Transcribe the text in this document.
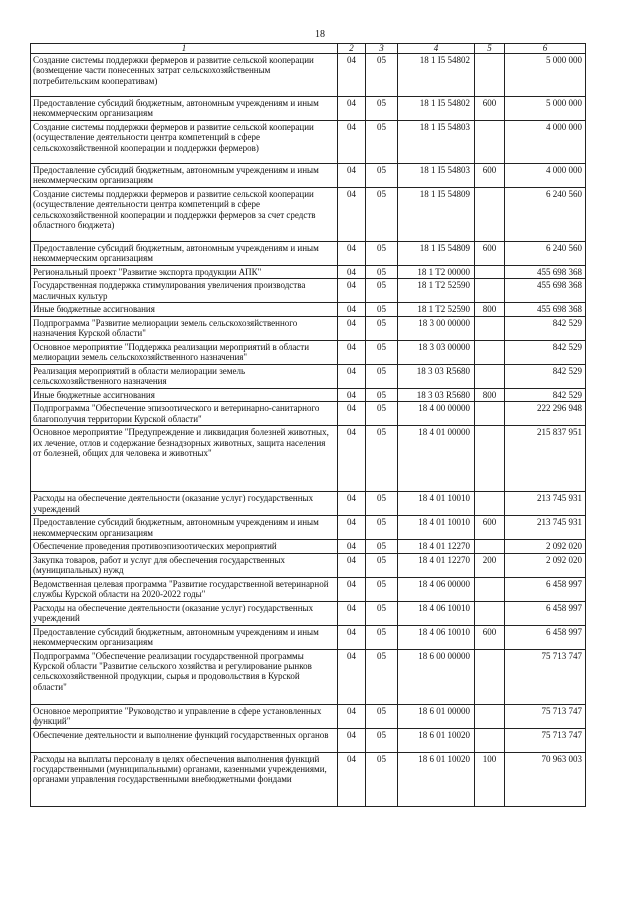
18
1	2	3	4	5	6
Создание системы поддержки фермеров и развитие сельской кооперации (возмещение части понесенных затрат сельскохозяйственным потребительским кооперативам)	04	05	18 1 I5 54802		5 000 000
Предоставление субсидий бюджетным, автономным учреждениям и иным некоммерческим организациям	04	05	18 1 I5 54802	600	5 000 000
Создание системы поддержки фермеров и развитие сельской кооперации (осуществление деятельности центра компетенций в сфере сельскохозяйственной кооперации и поддержки фермеров)	04	05	18 1 I5 54803		4 000 000
Предоставление субсидий бюджетным, автономным учреждениям и иным некоммерческим организациям	04	05	18 1 I5 54803	600	4 000 000
Создание системы поддержки фермеров и развитие сельской кооперации (осуществление деятельности центра компетенций в сфере сельскохозяйственной кооперации и поддержки фермеров за счет средств областного бюджета)	04	05	18 1 I5 54809		6 240 560
Предоставление субсидий бюджетным, автономным учреждениям и иным некоммерческим организациям	04	05	18 1 I5 54809	600	6 240 560
Региональный проект "Развитие экспорта продукции АПК"	04	05	18 1 T2 00000		455 698 368
Государственная поддержка стимулирования увеличения производства масличных культур	04	05	18 1 T2 52590		455 698 368
Иные бюджетные ассигнования	04	05	18 1 T2 52590	800	455 698 368
Подпрограмма "Развитие мелиорации земель сельскохозяйственного назначения Курской области"	04	05	18 3 00 00000		842 529
Основное мероприятие "Поддержка реализации мероприятий в области мелиорации земель сельскохозяйственного назначения"	04	05	18 3 03 00000		842 529
Реализация мероприятий в области мелиорации земель сельскохозяйственного назначения	04	05	18 3 03 R5680		842 529
Иные бюджетные ассигнования	04	05	18 3 03 R5680	800	842 529
Подпрограмма "Обеспечение эпизоотического и ветеринарно-санитарного благополучия территории Курской области"	04	05	18 4 00 00000		222 296 948
Основное мероприятие "Предупреждение и ликвидация болезней животных, их лечение, отлов и содержание безнадзорных животных, защита населения от болезней, общих для человека и животных"	04	05	18 4 01 00000		215 837 951
Расходы на обеспечение деятельности (оказание услуг) государственных учреждений	04	05	18 4 01 10010		213 745 931
Предоставление субсидий бюджетным, автономным учреждениям и иным некоммерческим организациям	04	05	18 4 01 10010	600	213 745 931
Обеспечение проведения противоэпизоотических мероприятий	04	05	18 4 01 12270		2 092 020
Закупка товаров, работ и услуг для обеспечения государственных (муниципальных) нужд	04	05	18 4 01 12270	200	2 092 020
Ведомственная целевая программа "Развитие государственной ветеринарной службы Курской области на 2020-2022 годы"	04	05	18 4 06 00000		6 458 997
Расходы на обеспечение деятельности (оказание услуг) государственных учреждений	04	05	18 4 06 10010		6 458 997
Предоставление субсидий бюджетным, автономным учреждениям и иным некоммерческим организациям	04	05	18 4 06 10010	600	6 458 997
Подпрограмма "Обеспечение реализации государственной программы Курской области "Развитие сельского хозяйства и регулирование рынков сельскохозяйственной продукции, сырья и продовольствия в Курской области"	04	05	18 6 00 00000		75 713 747
Основное мероприятие "Руководство и управление в сфере установленных функций"	04	05	18 6 01 00000		75 713 747
Обеспечение деятельности и выполнение функций государственных органов	04	05	18 6 01 10020		75 713 747
Расходы на выплаты персоналу в целях обеспечения выполнения функций государственными (муниципальными) органами, казенными учреждениями, органами управления государственными внебюджетными фондами	04	05	18 6 01 10020	100	70 963 003
